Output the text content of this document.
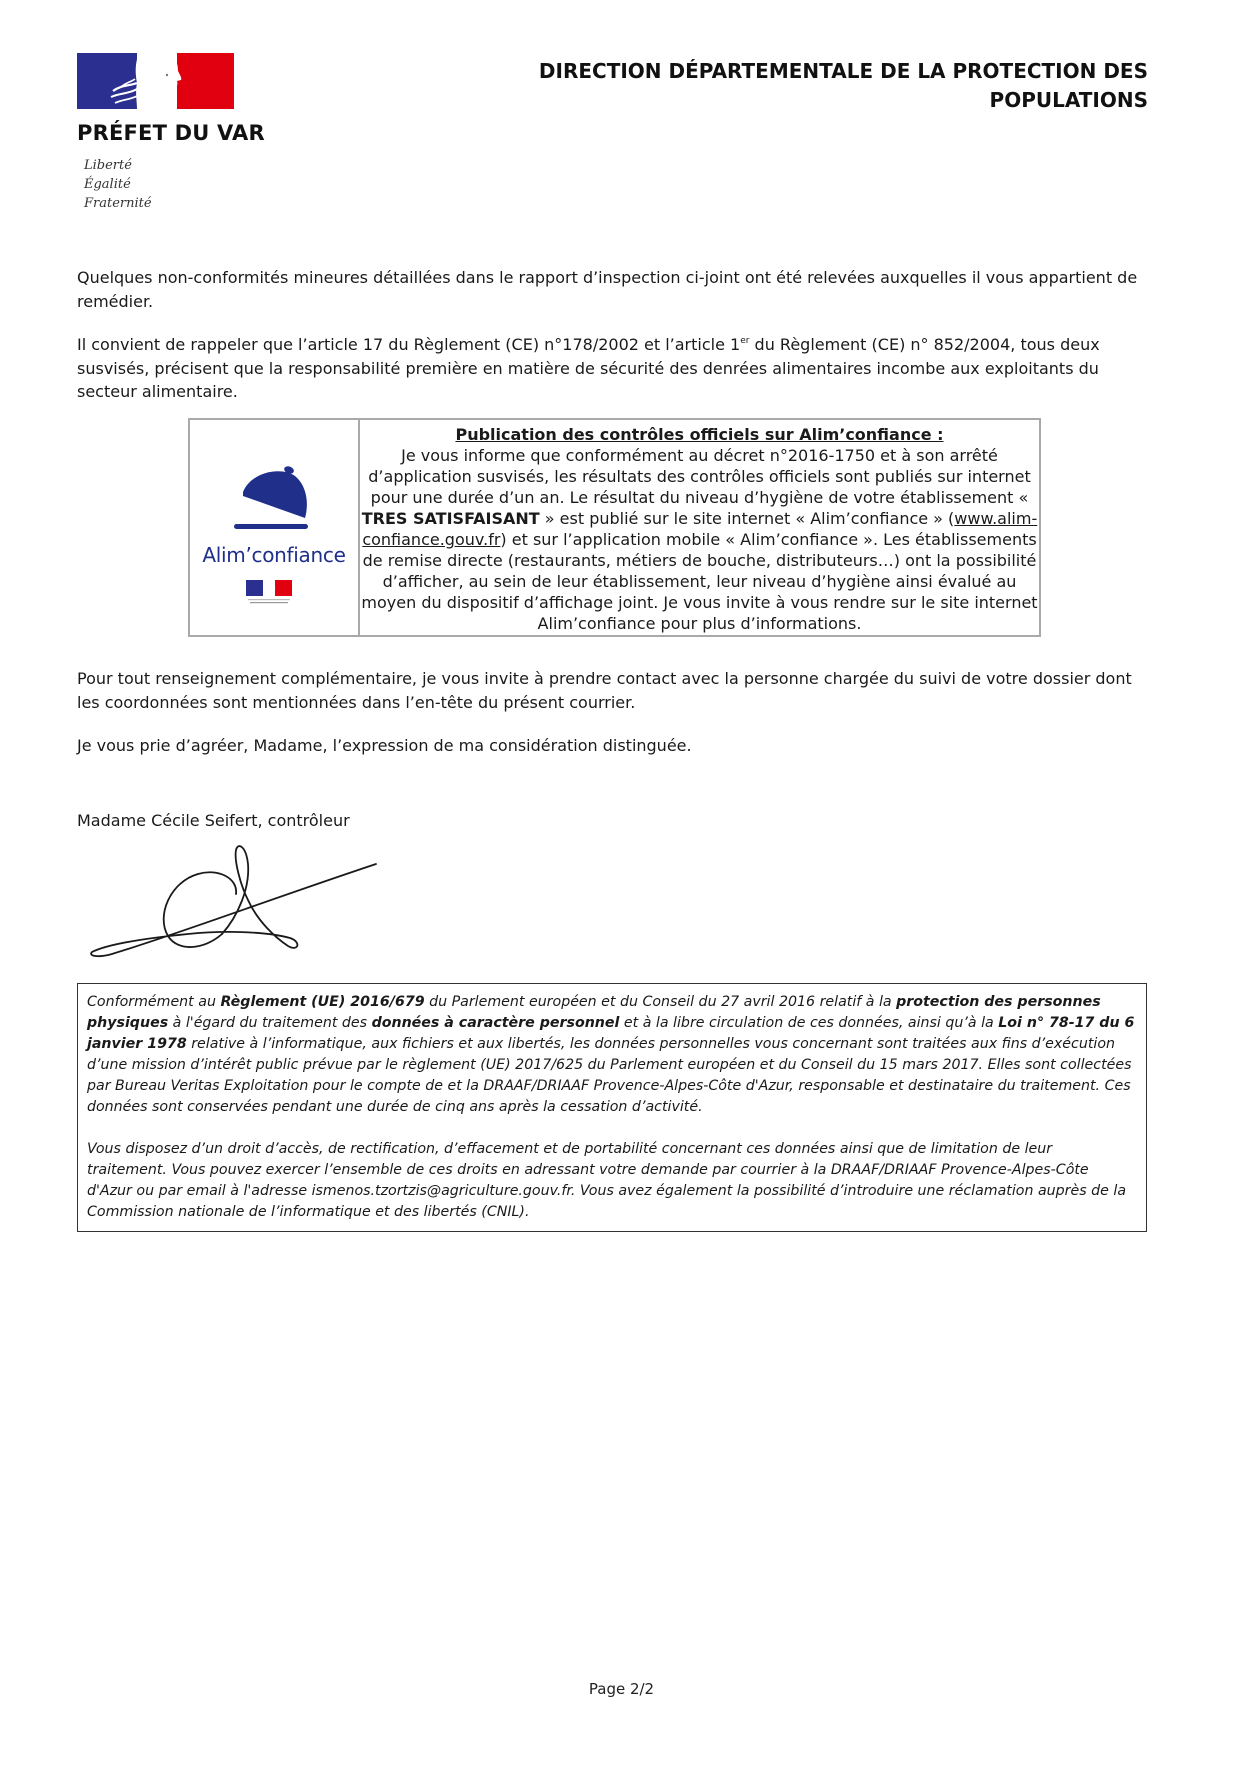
PRÉFET DU VAR
Liberté
Égalité
Fraternité
DIRECTION DÉPARTEMENTALE DE LA PROTECTION DES
POPULATIONS
Quelques non-conformités mineures détaillées dans le rapport d’inspection ci-joint ont été relevées auxquelles il vous appartient de remédier.
Il convient de rappeler que l’article 17 du Règlement (CE) n°178/2002 et l’article 1er du Règlement (CE) n° 852/2004, tous deux susvisés, précisent que la responsabilité première en matière de sécurité des denrées alimentaires incombe aux exploitants du secteur alimentaire.
Alim’confiance
Publication des contrôles officiels sur Alim’confiance :
Je vous informe que conformément au décret n°2016-1750 et à son arrêté d’application susvisés, les résultats des contrôles officiels sont publiés sur internet pour une durée d’un an. Le résultat du niveau d’hygiène de votre établissement « TRES SATISFAISANT » est publié sur le site internet « Alim’confiance » (www.alim-confiance.gouv.fr) et sur l’application mobile « Alim’confiance ». Les établissements de remise directe (restaurants, métiers de bouche, distributeurs…) ont la possibilité d’afficher, au sein de leur établissement, leur niveau d’hygiène ainsi évalué au moyen du dispositif d’affichage joint. Je vous invite à vous rendre sur le site internet Alim’confiance pour plus d’informations.
Pour tout renseignement complémentaire, je vous invite à prendre contact avec la personne chargée du suivi de votre dossier dont les coordonnées sont mentionnées dans l’en-tête du présent courrier.
Je vous prie d’agréer, Madame, l’expression de ma considération distinguée.
Madame Cécile Seifert, contrôleur

Conformément au Règlement (UE) 2016/679 du Parlement européen et du Conseil du 27 avril 2016 relatif à la protection des personnes physiques à l'égard du traitement des données à caractère personnel et à la libre circulation de ces données, ainsi qu’à la Loi n° 78-17 du 6 janvier 1978 relative à l’informatique, aux fichiers et aux libertés, les données personnelles vous concernant sont traitées aux fins d’exécution d’une mission d’intérêt public prévue par le règlement (UE) 2017/625 du Parlement européen et du Conseil du 15 mars 2017. Elles sont collectées par Bureau Veritas Exploitation pour le compte de et la DRAAF/DRIAAF Provence-Alpes-Côte d'Azur, responsable et destinataire du traitement. Ces données sont conservées pendant une durée de cinq ans après la cessation d’activité.

Vous disposez d’un droit d’accès, de rectification, d’effacement et de portabilité concernant ces données ainsi que de limitation de leur traitement. Vous pouvez exercer l’ensemble de ces droits en adressant votre demande par courrier à la DRAAF/DRIAAF Provence-Alpes-Côte d'Azur ou par email à l'adresse ismenos.tzortzis@agriculture.gouv.fr. Vous avez également la possibilité d’introduire une réclamation auprès de la Commission nationale de l’informatique et des libertés (CNIL).

Page 2/2
